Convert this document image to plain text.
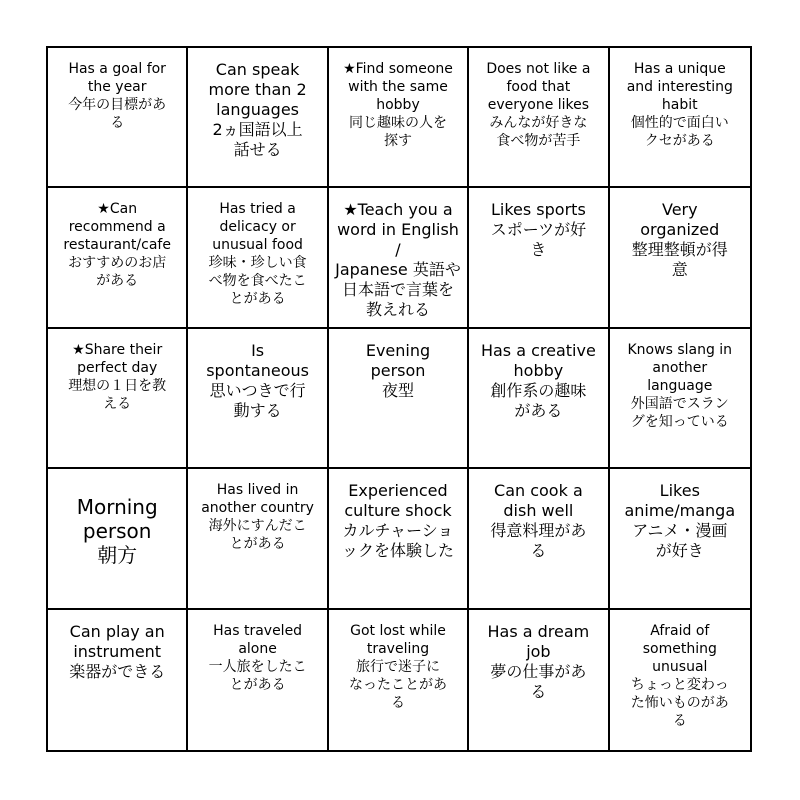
Has a goal for
the year
今年の目標があ
る
Can speak
more than 2
languages
2ヵ国語以上
話せる
★Find someone
with the same
hobby
同じ趣味の人を
探す
Does not like a
food that
everyone likes
みんなが好きな
食べ物が苦手
Has a unique
and interesting
habit
個性的で面白い
クセがある
★Can
recommend a
restaurant/cafe
おすすめのお店
がある
Has tried a
delicacy or
unusual food
珍味・珍しい食
べ物を食べたこ
とがある
★Teach you a
word in English /
Japanese 英語や
日本語で言葉を
教えれる
Likes sports
スポーツが好
き
Very
organized
整理整頓が得
意
★Share their
perfect day
理想の１日を教
える
Is
spontaneous
思いつきで行
動する
Evening
person
夜型
Has a creative
hobby
創作系の趣味
がある
Knows slang in
another
language
外国語でスラン
グを知っている
Morning
person
朝方
Has lived in
another country
海外にすんだこ
とがある
Experienced
culture shock
カルチャーショ
ックを体験した
Can cook a
dish well
得意料理があ
る
Likes
anime/manga
アニメ・漫画
が好き
Can play an
instrument
楽器ができる
Has traveled
alone
一人旅をしたこ
とがある
Got lost while
traveling
旅行で迷子に
なったことがあ
る
Has a dream
job
夢の仕事があ
る
Afraid of
something
unusual
ちょっと変わっ
た怖いものがあ
る
